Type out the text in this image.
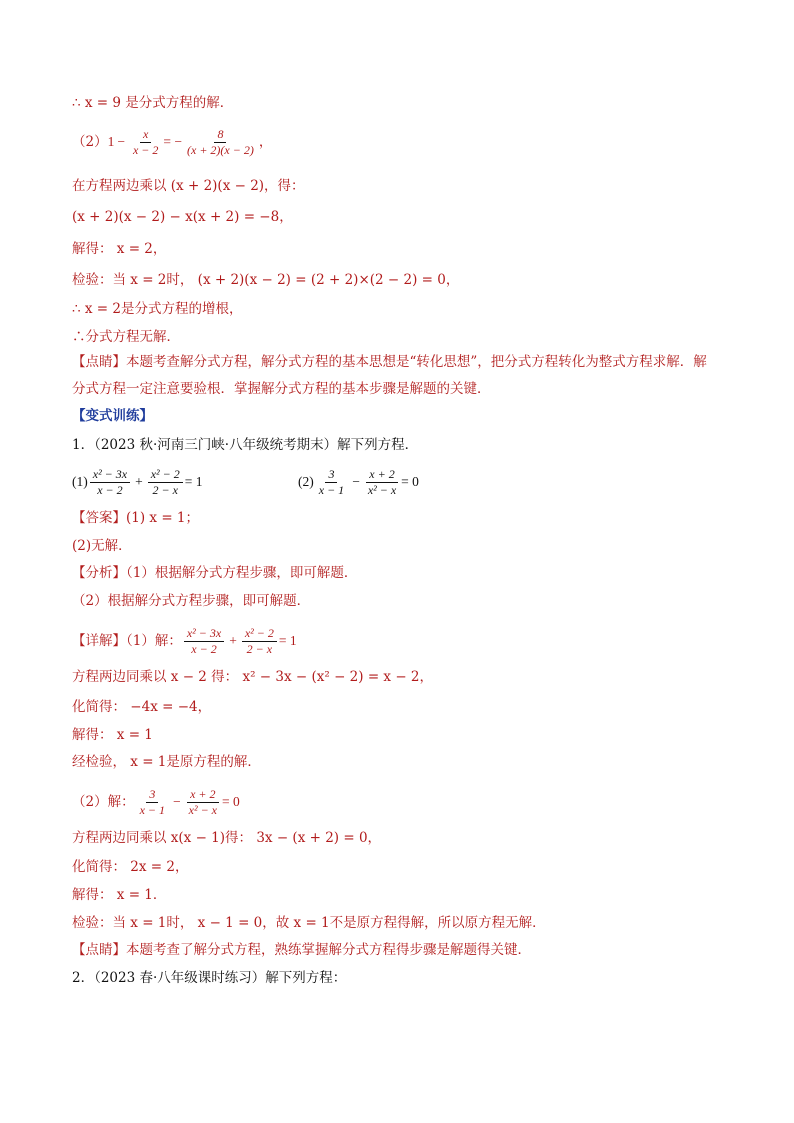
∴ x = 9 是分式方程的解．
$(2)1 - \frac{x}{x - 2}$ = − $\frac{8}{(x + 2)(x - 2)}$ ，
在方程两边乘以 (x + 2)(x − 2)，得：
(x + 2)(x − 2) − x(x + 2) = −8，
解得： x = 2，
检验：当 x = 2时， (x + 2)(x − 2) = (2 + 2)×(2 − 2) = 0，
∴ x = 2是分式方程的增根，
∴分式方程无解．
【点睛】本题考查解分式方程，解分式方程的基本思想是“转化思想”，把分式方程转化为整式方程求解．解
分式方程一定注意要验根．掌握解分式方程的基本步骤是解题的关键．
【变式训练】
1．（2023 秋·河南三门峡·八年级统考期末）解下列方程．
$(1) \frac{\text{x² − 3x}}{x - 2} + \frac{\text{x² − 2}}{2 - x} = 1$	$(2) \frac{3}{x - 1} - \frac{x + 2}{\text{x² − x}} = 0$
【答案】(1) x = 1；
(2)无解．
【分析】（1）根据解分式方程步骤，即可解题．
（2）根据解分式方程步骤，即可解题．
【详解】（1）解： $\frac{\text{x² − 3x}}{x - 2} + \frac{\text{x² − 2}}{2 - x} = 1$
方程两边同乘以 x − 2 得： x² − 3x − (x² − 2) = x − 2，
化简得： −4x = −4，
解得： x = 1
经检验， x = 1是原方程的解．
（2）解： $\frac{3}{x - 1} - \frac{x + 2}{\text{x² − x}} = 0$
方程两边同乘以 x(x − 1)得： 3x − (x + 2) = 0，
化简得： 2x = 2，
解得： x = 1．
检验：当 x = 1时， x − 1 = 0，故 x = 1不是原方程得解，所以原方程无解．
【点睛】本题考查了解分式方程，熟练掌握解分式方程得步骤是解题得关键．
2．（2023 春·八年级课时练习）解下列方程：
